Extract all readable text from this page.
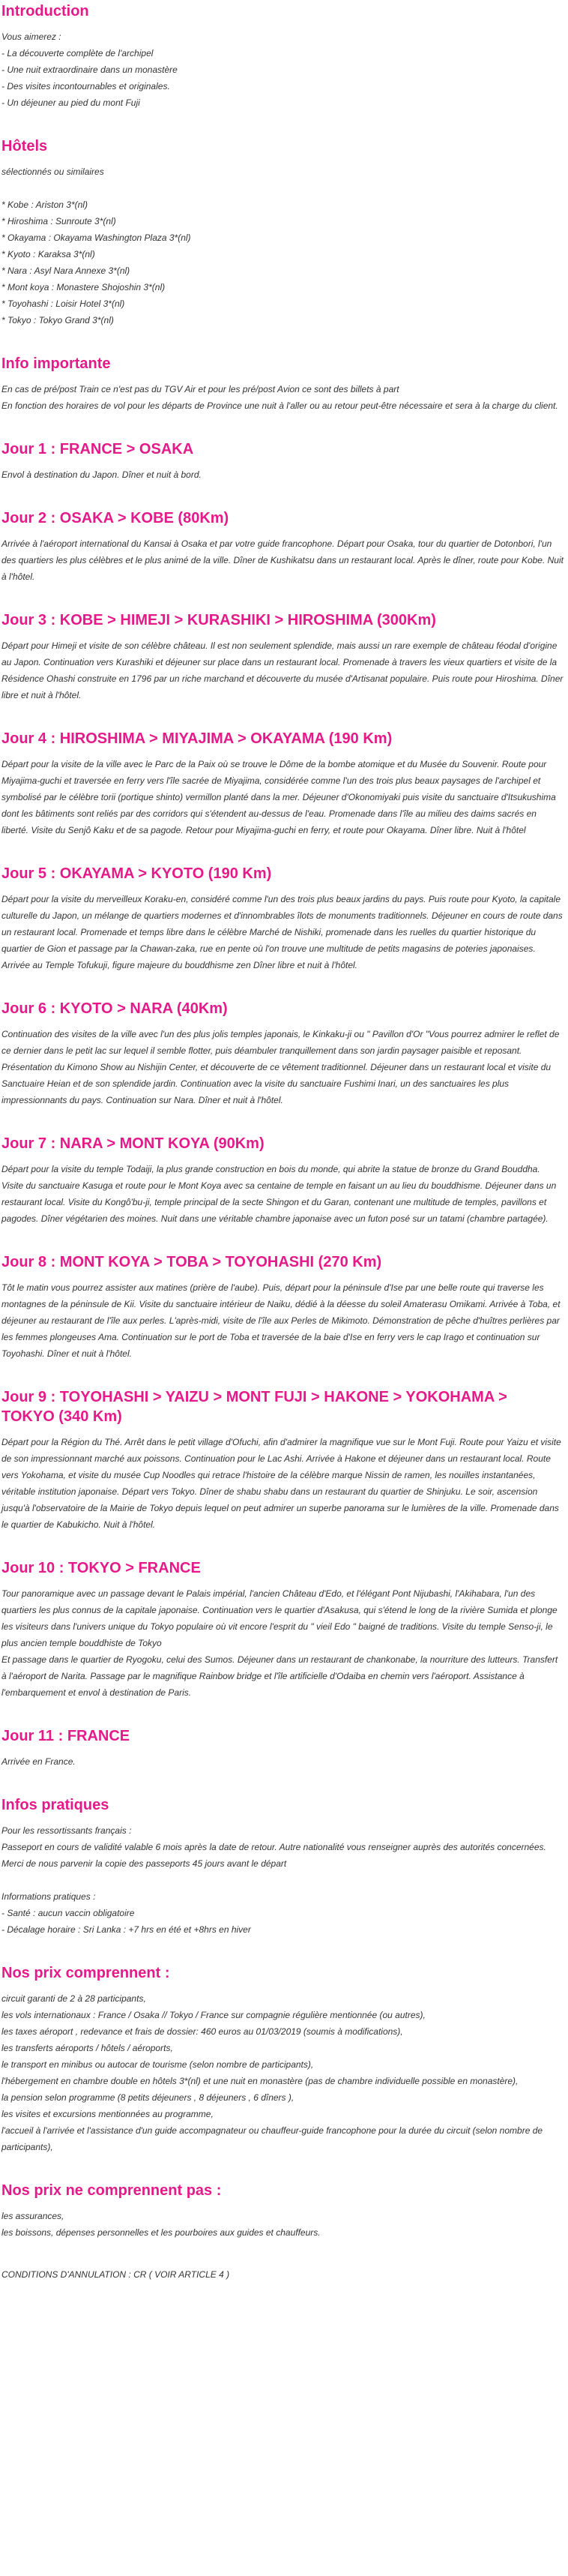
Introduction
Vous aimerez :
- La découverte complète de l'archipel
- Une nuit extraordinaire dans un monastère
- Des visites incontournables et originales.
- Un déjeuner au pied du mont Fuji
Hôtels
sélectionnés ou similaires

* Kobe : Ariston 3*(nl)
* Hiroshima : Sunroute 3*(nl)
* Okayama : Okayama Washington Plaza 3*(nl)
* Kyoto : Karaksa 3*(nl)
* Nara : Asyl Nara Annexe 3*(nl)
* Mont koya : Monastere Shojoshin 3*(nl)
* Toyohashi : Loisir Hotel 3*(nl)
* Tokyo : Tokyo Grand 3*(nl)
Info importante
En cas de pré/post Train ce n'est pas du TGV Air et pour les pré/post Avion ce sont des billets à part
En fonction des horaires de vol pour les départs de Province une nuit à l'aller ou au retour peut-être nécessaire et sera à la charge du client.
Jour 1 : FRANCE > OSAKA
Envol à destination du Japon. Dîner et nuit à bord.
Jour 2 : OSAKA > KOBE (80Km)
Arrivée à l'aéroport international du Kansai à Osaka et par votre guide francophone. Départ pour Osaka, tour du quartier de Dotonbori, l'un des quartiers les plus célèbres et le plus animé de la ville. Dîner de Kushikatsu dans un restaurant local. Après le dîner, route pour Kobe. Nuit à l'hôtel.
Jour 3 : KOBE > HIMEJI > KURASHIKI > HIROSHIMA (300Km)
Départ pour Himeji et visite de son célèbre château. Il est non seulement splendide, mais aussi un rare exemple de château féodal d'origine au Japon. Continuation vers Kurashiki et déjeuner sur place dans un restaurant local. Promenade à travers les vieux quartiers et visite de la Résidence Ohashi construite en 1796 par un riche marchand et découverte du musée d'Artisanat populaire. Puis route pour Hiroshima. Dîner libre et nuit à l'hôtel.
Jour 4 : HIROSHIMA > MIYAJIMA > OKAYAMA (190 Km)
Départ pour la visite de la ville avec le Parc de la Paix où se trouve le Dôme de la bombe atomique et du Musée du Souvenir. Route pour Miyajima-guchi et traversée en ferry vers l'île sacrée de Miyajima, considérée comme l'un des trois plus beaux paysages de l'archipel et symbolisé par le célèbre torii (portique shinto) vermillon planté dans la mer. Déjeuner d'Okonomiyaki puis visite du sanctuaire d'Itsukushima dont les bâtiments sont reliés par des corridors qui s'étendent au-dessus de l'eau. Promenade dans l'île au milieu des daims sacrés en liberté. Visite du Senjô Kaku et de sa pagode. Retour pour Miyajima-guchi en ferry, et route pour Okayama. Dîner libre. Nuit à l'hôtel
Jour 5 : OKAYAMA > KYOTO (190 Km)
Départ pour la visite du merveilleux Koraku-en, considéré comme l'un des trois plus beaux jardins du pays. Puis route pour Kyoto, la capitale culturelle du Japon, un mélange de quartiers modernes et d'innombrables îlots de monuments traditionnels. Déjeuner en cours de route dans un restaurant local. Promenade et temps libre dans le célèbre Marché de Nishiki, promenade dans les ruelles du quartier historique du quartier de Gion et passage par la Chawan-zaka, rue en pente où l'on trouve une multitude de petits magasins de poteries japonaises. Arrivée au Temple Tofukuji, figure majeure du bouddhisme zen Dîner libre et nuit à l'hôtel.
Jour 6 : KYOTO > NARA (40Km)
Continuation des visites de la ville avec l'un des plus jolis temples japonais, le Kinkaku-ji ou " Pavillon d'Or "Vous pourrez admirer le reflet de ce dernier dans le petit lac sur lequel il semble flotter, puis déambuler tranquillement dans son jardin paysager paisible et reposant. Présentation du Kimono Show au Nishijin Center, et découverte de ce vêtement traditionnel. Déjeuner dans un restaurant local et visite du Sanctuaire Heian et de son splendide jardin. Continuation avec la visite du sanctuaire Fushimi Inari, un des sanctuaires les plus impressionnants du pays. Continuation sur Nara. Dîner et nuit à l'hôtel.
Jour 7 : NARA > MONT KOYA (90Km)
Départ pour la visite du temple Todaiji, la plus grande construction en bois du monde, qui abrite la statue de bronze du Grand Bouddha. Visite du sanctuaire Kasuga et route pour le Mont Koya avec sa centaine de temple en faisant un au lieu du bouddhisme. Déjeuner dans un restaurant local. Visite du Kongô'bu-ji, temple principal de la secte Shingon et du Garan, contenant une multitude de temples, pavillons et pagodes. Dîner végétarien des moines. Nuit dans une véritable chambre japonaise avec un futon posé sur un tatami (chambre partagée).
Jour 8 : MONT KOYA > TOBA > TOYOHASHI (270 Km)
Tôt le matin vous pourrez assister aux matines (prière de l'aube). Puis, départ pour la péninsule d'Ise par une belle route qui traverse les montagnes de la péninsule de Kii. Visite du sanctuaire intérieur de Naiku, dédié à la déesse du soleil Amaterasu Omikami. Arrivée à Toba, et déjeuner au restaurant de l'île aux perles. L'après-midi, visite de l'île aux Perles de Mikimoto. Démonstration de pêche d'huîtres perlières par les femmes plongeuses Ama. Continuation sur le port de Toba et traversée de la baie d'Ise en ferry vers le cap Irago et continuation sur Toyohashi. Dîner et nuit à l'hôtel.
Jour 9 : TOYOHASHI > YAIZU > MONT FUJI > HAKONE > YOKOHAMA > TOKYO (340 Km)
Départ pour la Région du Thé. Arrêt dans le petit village d'Ofuchi, afin d'admirer la magnifique vue sur le Mont Fuji. Route pour Yaizu et visite de son impressionnant marché aux poissons. Continuation pour le Lac Ashi. Arrivée à Hakone et déjeuner dans un restaurant local. Route vers Yokohama, et visite du musée Cup Noodles qui retrace l'histoire de la célèbre marque Nissin de ramen, les nouilles instantanées, véritable institution japonaise. Départ vers Tokyo. Dîner de shabu shabu dans un restaurant du quartier de Shinjuku. Le soir, ascension jusqu'à l'observatoire de la Mairie de Tokyo depuis lequel on peut admirer un superbe panorama sur le lumières de la ville. Promenade dans le quartier de Kabukicho. Nuit à l'hôtel.
Jour 10 : TOKYO > FRANCE
Tour panoramique avec un passage devant le Palais impérial, l'ancien Château d'Edo, et l'élégant Pont Nijubashi, l'Akihabara, l'un des quartiers les plus connus de la capitale japonaise. Continuation vers le quartier d'Asakusa, qui s'étend le long de la rivière Sumida et plonge les visiteurs dans l'univers unique du Tokyo populaire où vit encore l'esprit du " vieil Edo " baigné de traditions. Visite du temple Senso-ji, le plus ancien temple bouddhiste de Tokyo
Et passage dans le quartier de Ryogoku, celui des Sumos. Déjeuner dans un restaurant de chankonabe, la nourriture des lutteurs. Transfert à l'aéroport de Narita. Passage par le magnifique Rainbow bridge et l'île artificielle d'Odaiba en chemin vers l'aéroport. Assistance à l'embarquement et envol à destination de Paris.
Jour 11 : FRANCE
Arrivée en France.
Infos pratiques
Pour les ressortissants français :
Passeport en cours de validité valable 6 mois après la date de retour. Autre nationalité vous renseigner auprès des autorités concernées.
Merci de nous parvenir la copie des passeports 45 jours avant le départ

Informations pratiques :
- Santé : aucun vaccin obligatoire
- Décalage horaire : Sri Lanka : +7 hrs en été et +8hrs en hiver
Nos prix comprennent :
circuit garanti de 2 à 28 participants,
les vols internationaux : France / Osaka // Tokyo / France sur compagnie régulière mentionnée (ou autres),
les taxes aéroport , redevance et frais de dossier: 460 euros au 01/03/2019 (soumis à modifications),
les transferts aéroports / hôtels / aéroports,
le transport en minibus ou autocar de tourisme (selon nombre de participants),
l'hébergement en chambre double en hôtels 3*(nl) et une nuit en monastère (pas de chambre individuelle possible en monastère),
la pension selon programme (8 petits déjeuners , 8 déjeuners , 6 dîners ),
les visites et excursions mentionnées au programme,
l'accueil à l'arrivée et l'assistance d'un guide accompagnateur ou chauffeur-guide francophone pour la durée du circuit (selon nombre de participants),
Nos prix ne comprennent pas :
les assurances,
les boissons, dépenses personnelles et les pourboires aux guides et chauffeurs.

CONDITIONS D'ANNULATION : CR ( VOIR ARTICLE 4 )
